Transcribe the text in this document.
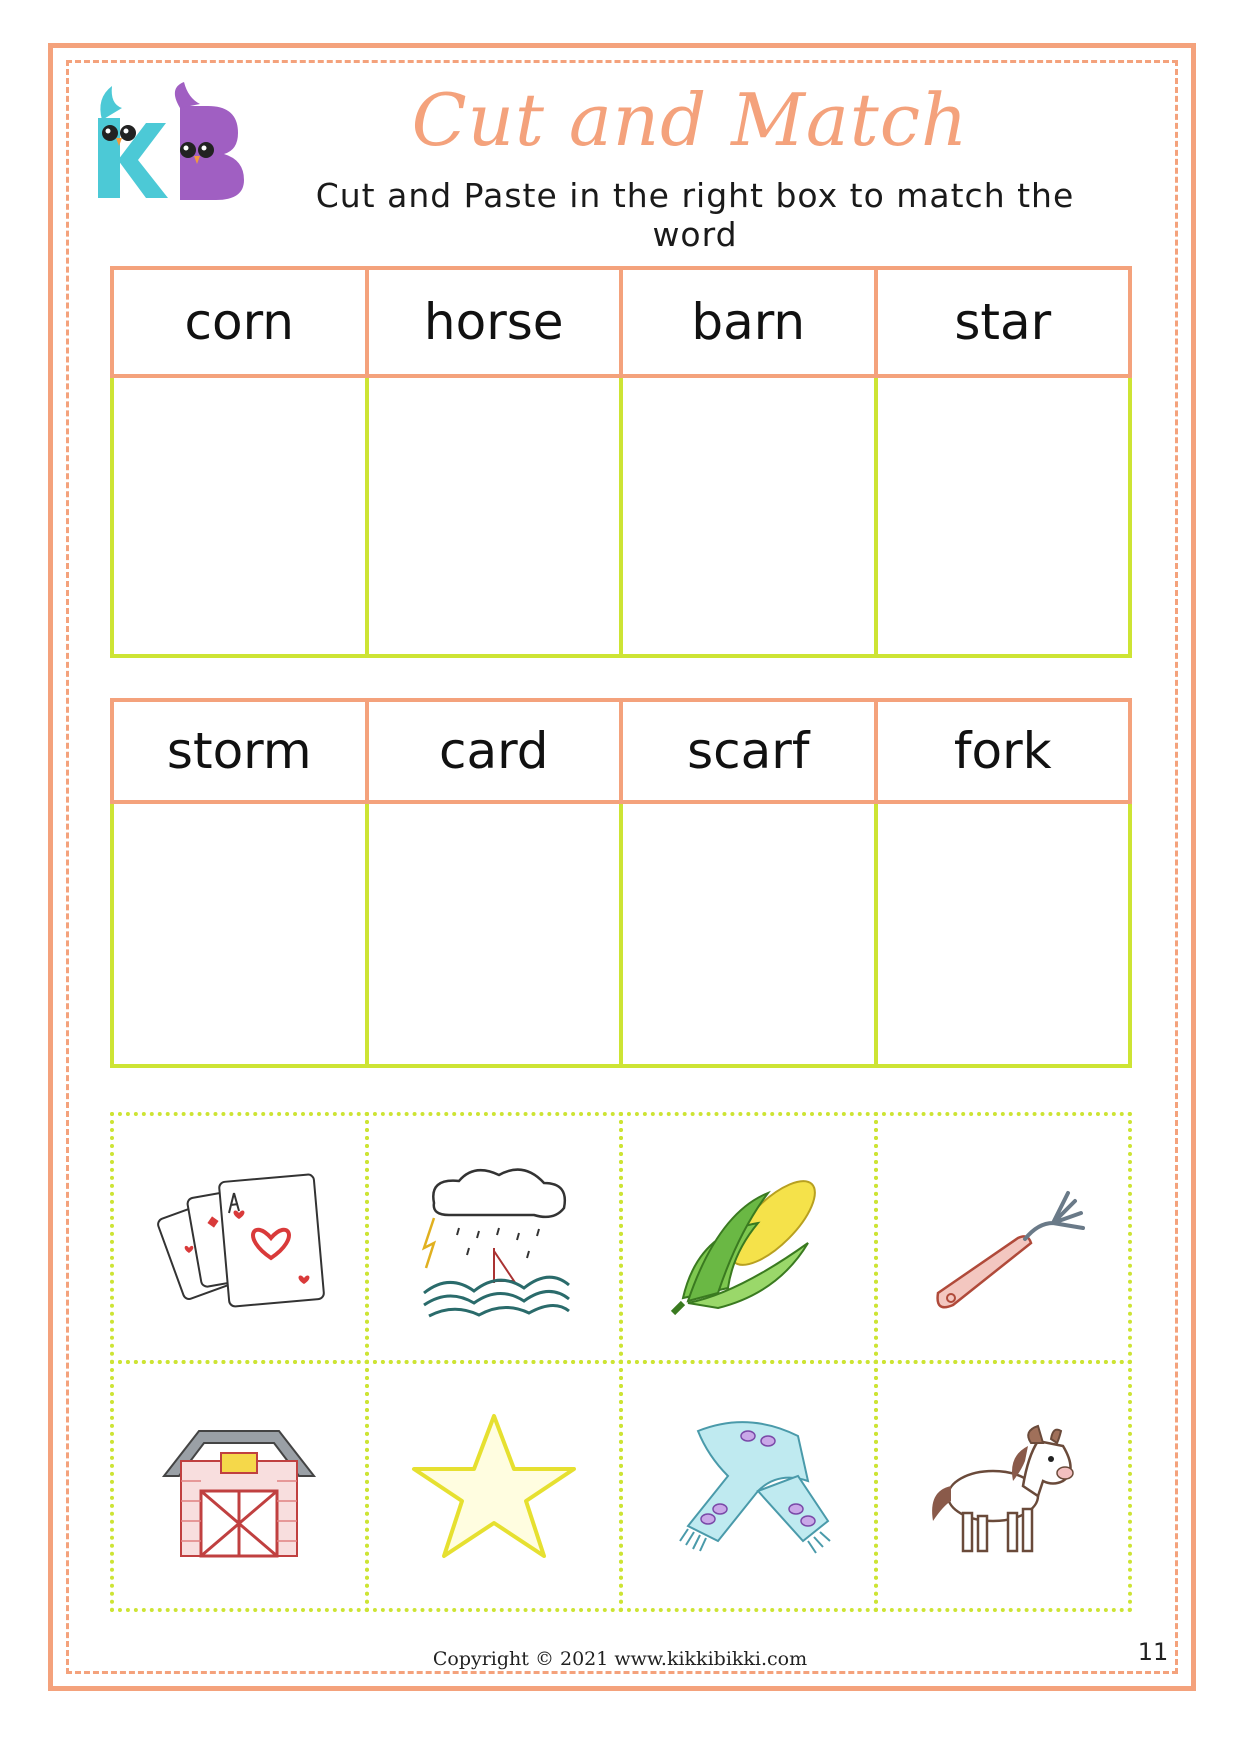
Cut and Match
Cut and Paste in the right box to match the word
corn	horse	barn	star
storm	card	scarf	fork
Copyright © 2021 www.kikkibikki.com	11
